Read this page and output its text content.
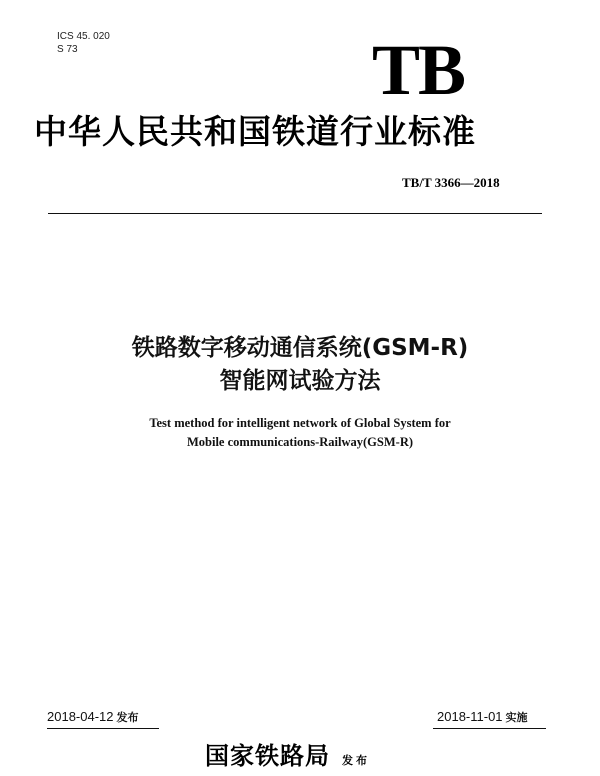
ICS 45. 020
S 73	TB
中华人民共和国铁道行业标准
TB/T 3366—2018
铁路数字移动通信系统(GSM-R)
智能网试验方法
Test method for intelligent network of Global System for
Mobile communications-Railway(GSM-R)
2018-04-12 发布	2018-11-01 实施
国家铁路局 发布
